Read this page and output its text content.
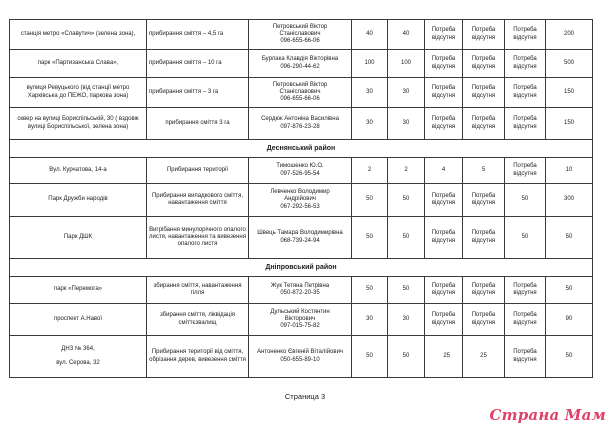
станція метро «Славутич» (зелена зона),	прибирання сміття – 4,5 га	Петровський Віктор
Станіславович
096-655-66-06	40	40	Потреба відсутня	Потреба відсутня	Потреба відсутня	200
парк «Партизанська Слава»,	прибирання сміття – 10 га	Бурлака Клавдія Вікторівна
096-290-44-62	100	100	Потреба відсутня	Потреба відсутня	Потреба відсутня	500
вулиця Ревуцького (від станції метро Харківська до ПЕЖО, паркова зона)	прибирання сміття – 3 га	Петровський Віктор
Станіславович
096-655-66-06	30	30	Потреба відсутня	Потреба відсутня	Потреба відсутня	150
сквер на вулиці Бориспільській, 30 ( вздовж вулиці Бориспільської, зелена зона)	прибирання сміття 3 га	Сердюк Антоніна Василівна
097-876-23-28	30	30	Потреба відсутня	Потреба відсутня	Потреба відсутня	150
Деснянський район								
Вул. Курчатова, 14-а	Прибирання території	Тимошенко Ю.О.
097-526-95-54	2	2	4	5	Потреба відсутня	10
Парк Дружби народів	Прибирання випадкового сміття, навантаження сміття	Левченко Володимир
Андрійович
067-292-56-53	50	50	Потреба відсутня	Потреба відсутня	50	300
Парк ДШК	Вигрібання минулорічного опалого листя, навантаження та вивезення опалого листя	Швець Тамара Володимирівна
068-739-24-94	50	50	Потреба відсутня	Потреба відсутня	50	50
Дніпровський район								
парк «Перемога»	збирання сміття, навантаження гілля	Жук Тетяна Петрівна
050-872-20-35	50	50	Потреба відсутня	Потреба відсутня	Потреба відсутня	50
проспект А.Навої	збирання сміття, ліквідація сміттєзвалищ	Дульський Костянтин
Вікторович
097-015-75-82	30	30	Потреба відсутня	Потреба відсутня	Потреба відсутня	90

ДНЗ № 364,
вул. Серова, 32	Прибирання території від сміття, обрізання дерев, вивезення сміття	Антоненко Євгеній Віталійович
050-655-89-10	50	50	25	25	Потреба відсутня	50
Страница 3
Страна Мам
